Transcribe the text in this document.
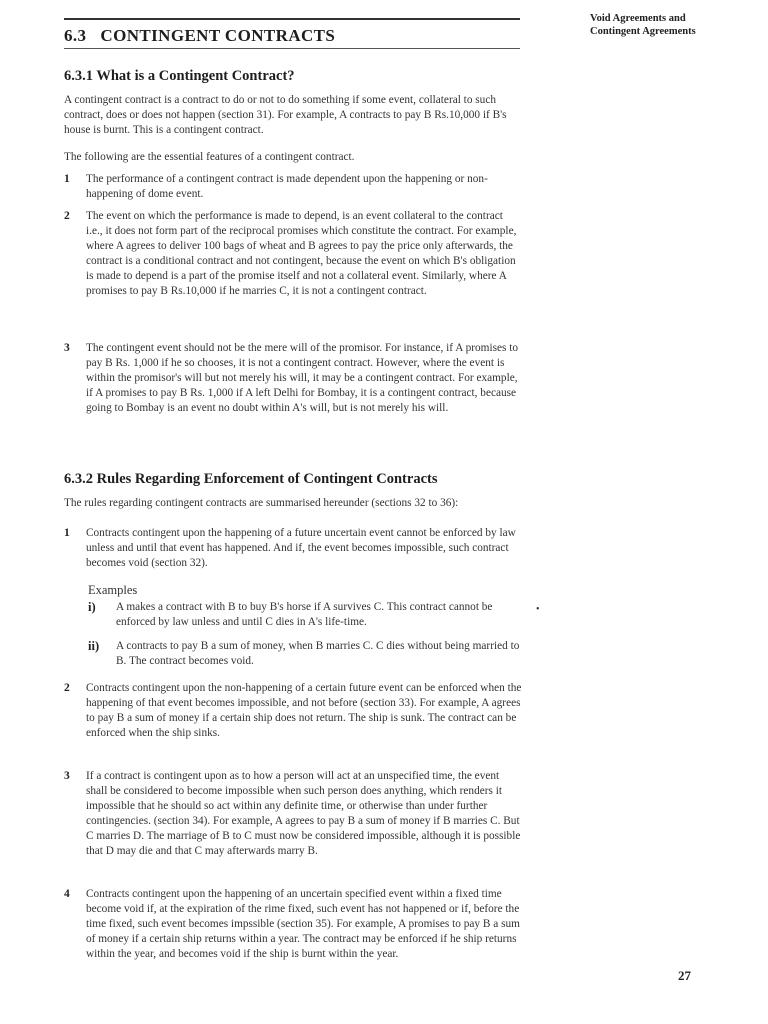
Void Agreements and
Contingent Agreements
6.3 CONTINGENT CONTRACTS
6.3.1 What is a Contingent Contract?
A contingent contract is a contract to do or not to do something if some event, collateral to such contract, does or does not happen (section 31). For example, A contracts to pay B Rs.10,000 if B's house is burnt. This is a contingent contract.
The following are the essential features of a contingent contract.
1	The performance of a contingent contract is made dependent upon the happening or non-happening of dome event.
2	The event on which the performance is made to depend, is an event collateral to the contract i.e., it does not form part of the reciprocal promises which constitute the contract. For example, where A agrees to deliver 100 bags of wheat and B agrees to pay the price only afterwards, the contract is a conditional contract and not contingent, because the event on which B's obligation is made to depend is a part of the promise itself and not a collateral event. Similarly, where A promises to pay B Rs.10,000 if he marries C, it is not a contingent contract.
3	The contingent event should not be the mere will of the promisor. For instance, if A promises to pay B Rs. 1,000 if he so chooses, it is not a contingent contract. However, where the event is within the promisor's will but not merely his will, it may be a contingent contract. For example, if A promises to pay B Rs. 1,000 if A left Delhi for Bombay, it is a contingent contract, because going to Bombay is an event no doubt within A's will, but is not merely his will.
6.3.2 Rules Regarding Enforcement of Contingent Contracts
The rules regarding contingent contracts are summarised hereunder (sections 32 to 36):
1	Contracts contingent upon the happening of a future uncertain event cannot be enforced by law unless and until that event has happened. And if, the event becomes impossible, such contract becomes void (section 32).
Examples
i) A makes a contract with B to buy B's horse if A survives C. This contract cannot be enforced by law unless and until C dies in A's life-time.
ii) A contracts to pay B a sum of money, when B marries C. C dies without being married to B. The contract becomes void.
•
2	Contracts contingent upon the non-happening of a certain future event can be enforced when the happening of that event becomes impossible, and not before (section 33). For example, A agrees to pay B a sum of money if a certain ship does not return. The ship is sunk. The contract can be enforced when the ship sinks.
3	If a contract is contingent upon as to how a person will act at an unspecified time, the event shall be considered to become impossible when such person does anything, which renders it impossible that he should so act within any definite time, or otherwise than under further contingencies. (section 34). For example, A agrees to pay B a sum of money if B marries C. But C marries D. The marriage of B to C must now be considered impossible, although it is possible that D may die and that C may afterwards marry B.
4	Contracts contingent upon the happening of an uncertain specified event within a fixed time become void if, at the expiration of the rime fixed, such event has not happened or if, before the time fixed, such event becomes impssible (section 35). For example, A promises to pay B a sum of money if a certain ship returns within a year. The contract may be enforced if he ship returns within the year, and becomes void if the ship is burnt within the year.
27
